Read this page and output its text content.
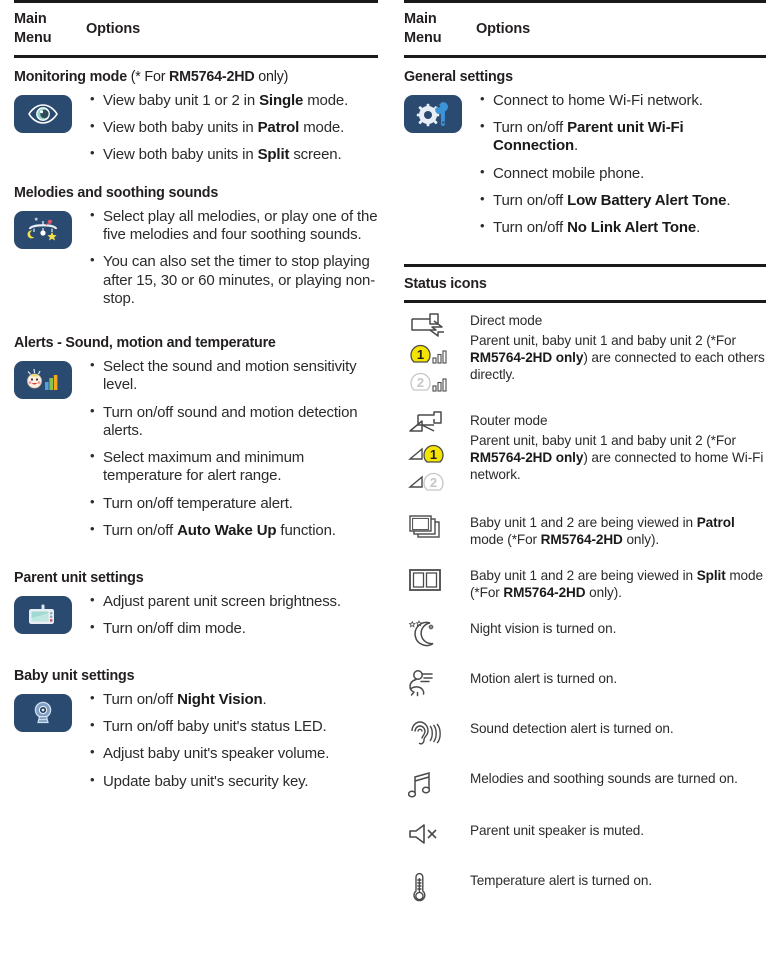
Main
Menu
Options
Monitoring mode (* For RM5764-2HD only)
• View baby unit 1 or 2 in Single mode.
• View both baby units in Patrol mode.
• View both baby units in Split screen.
Melodies and soothing sounds
• Select play all melodies, or play one of the five melodies and four soothing sounds.
• You can also set the timer to stop playing after 15, 30 or 60 minutes, or playing non-stop.
Alerts - Sound, motion and temperature
• Select the sound and motion sensitivity level.
• Turn on/off sound and motion detection alerts.
• Select maximum and minimum temperature for alert range.
• Turn on/off temperature alert.
• Turn on/off Auto Wake Up function.
Parent unit settings
• Adjust parent unit screen brightness.
• Turn on/off dim mode.
Baby unit settings
• Turn on/off Night Vision.
• Turn on/off baby unit's status LED.
• Adjust baby unit's speaker volume.
• Update baby unit's security key.
Main
Menu
Options
General settings
• Connect to home Wi-Fi network.
• Turn on/off Parent unit Wi-Fi Connection.
• Connect mobile phone.
• Turn on/off Low Battery Alert Tone.
• Turn on/off No Link Alert Tone.
Status icons
1
2
Direct mode
Parent unit, baby unit 1 and baby unit 2 (*For RM5764-2HD only) are connected to each others directly.
1
2
Router mode
Parent unit, baby unit 1 and baby unit 2 (*For RM5764-2HD only) are connected to home Wi-Fi network.
Baby unit 1 and 2 are being viewed in Patrol mode (*For RM5764-2HD only).
Baby unit 1 and 2 are being viewed in Split mode (*For RM5764-2HD only).
Night vision is turned on.
Motion alert is turned on.
Sound detection alert is turned on.
Melodies and soothing sounds are turned on.
Parent unit speaker is muted.
Temperature alert is turned on.
